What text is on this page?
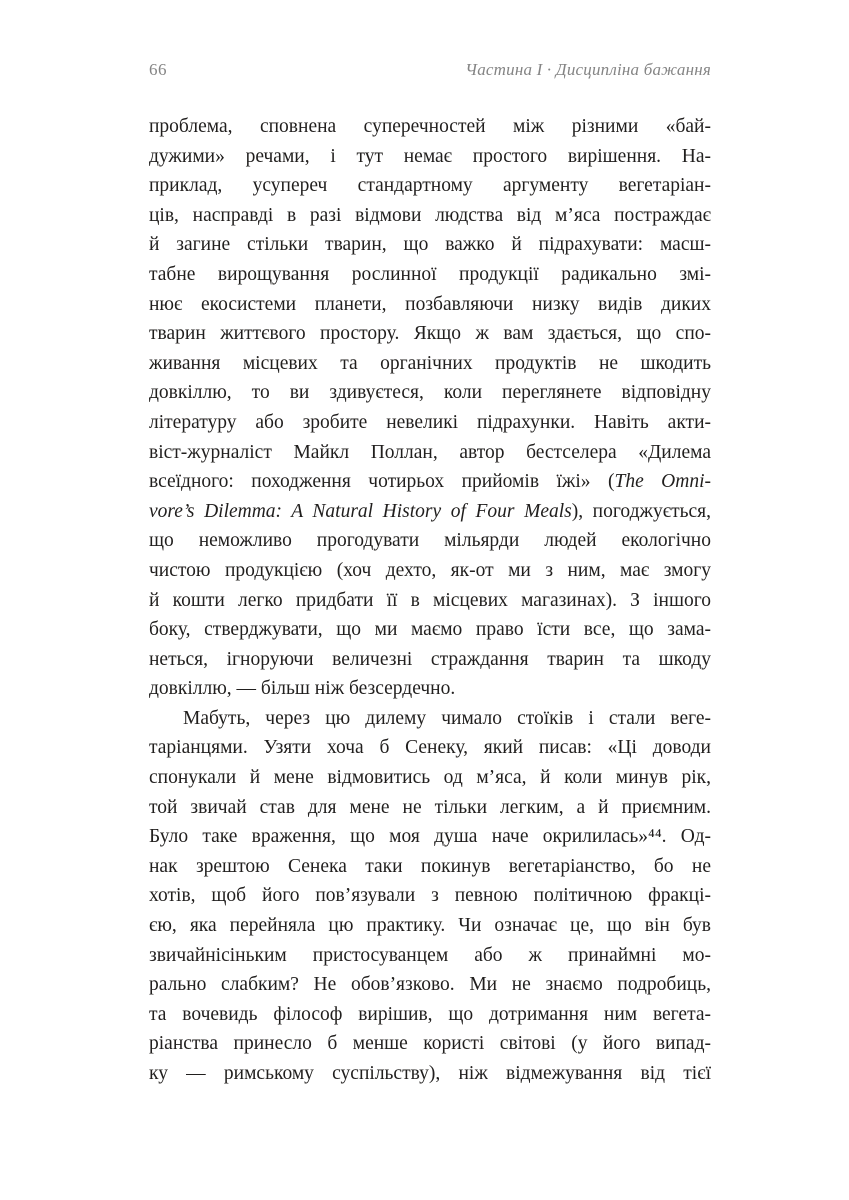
66	Частина I · Дисципліна бажання
проблема, сповнена суперечностей між різними «бай-
дужими» речами, і тут немає простого вирішення. На-
приклад, усупереч стандартному аргументу вегетаріан-
ців, насправді в разі відмови людства від м’яса постраждає
й загине стільки тварин, що важко й підрахувати: масш-
табне вирощування рослинної продукції радикально змі-
нює екосистеми планети, позбавляючи низку видів диких
тварин життєвого простору. Якщо ж вам здається, що спо-
живання місцевих та органічних продуктів не шкодить
довкіллю, то ви здивуєтеся, коли переглянете відповідну
літературу або зробите невеликі підрахунки. Навіть акти-
віст-журналіст Майкл Поллан, автор бестселера «Дилема
всеїдного: походження чотирьох прийомів їжі» (The Omni-
vore’s Dilemma: A Natural History of Four Meals), погоджується,
що неможливо прогодувати мільярди людей екологічно
чистою продукцією (хоч дехто, як-от ми з ним, має змогу
й кошти легко придбати її в місцевих магазинах). З іншого
боку, стверджувати, що ми маємо право їсти все, що зама-
неться, ігноруючи величезні страждання тварин та шкоду
довкіллю, — більш ніж безсердечно.
Мабуть, через цю дилему чимало стоїків і стали веге-
таріанцями. Узяти хоча б Сенеку, який писав: «Ці доводи
спонукали й мене відмовитись од м’яса, й коли минув рік,
той звичай став для мене не тільки легким, а й приємним.
Було таке враження, що моя душа наче окрилилась»⁴⁴. Од-
нак зрештою Сенека таки покинув вегетаріанство, бо не
хотів, щоб його пов’язували з певною політичною фракці-
єю, яка перейняла цю практику. Чи означає це, що він був
звичайнісіньким пристосуванцем або ж принаймні мо-
рально слабким? Не обов’язково. Ми не знаємо подробиць,
та вочевидь філософ вирішив, що дотримання ним вегета-
ріанства принесло б менше користі світові (у його випад-
ку — римському суспільству), ніж відмежування від тієї
